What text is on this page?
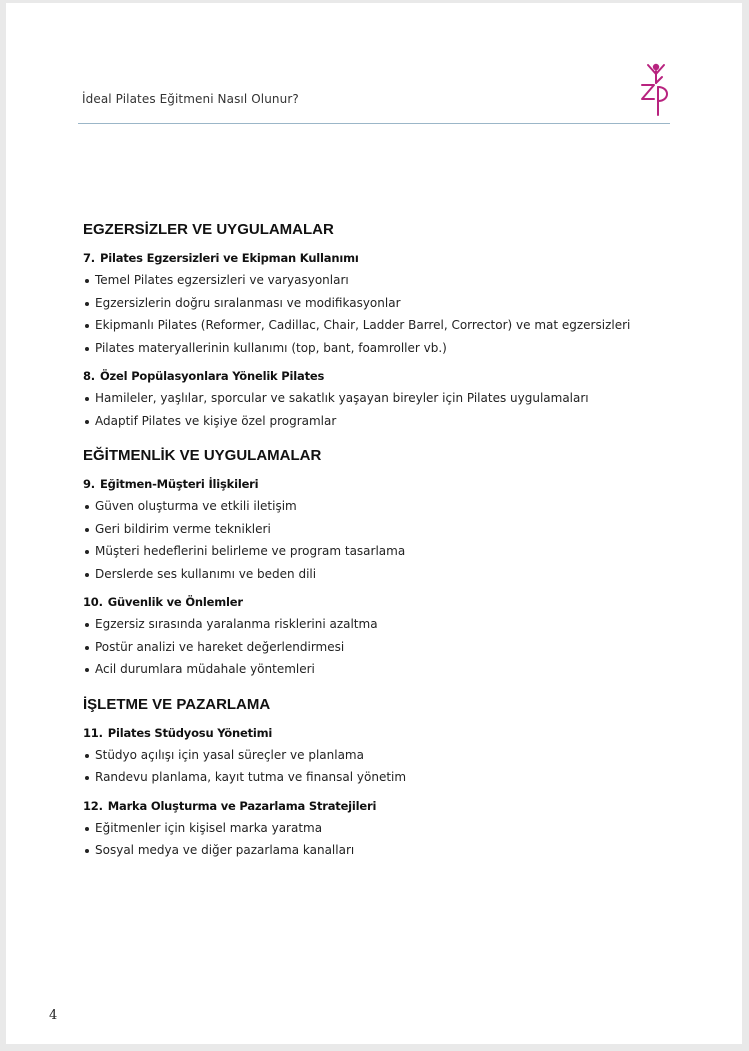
İdeal Pilates Eğitmeni Nasıl Olunur?
EGZERSİZLER VE UYGULAMALAR
7. Pilates Egzersizleri ve Ekipman Kullanımı
Temel Pilates egzersizleri ve varyasyonları
Egzersizlerin doğru sıralanması ve modifikasyonlar
Ekipmanlı Pilates (Reformer, Cadillac, Chair, Ladder Barrel, Corrector) ve mat egzersizleri
Pilates materyallerinin kullanımı (top, bant, foamroller vb.)
8. Özel Popülasyonlara Yönelik Pilates
Hamileler, yaşlılar, sporcular ve sakatlık yaşayan bireyler için Pilates uygulamaları
Adaptif Pilates ve kişiye özel programlar
EĞİTMENLİK VE UYGULAMALAR
9. Eğitmen-Müşteri İlişkileri
Güven oluşturma ve etkili iletişim
Geri bildirim verme teknikleri
Müşteri hedeflerini belirleme ve program tasarlama
Derslerde ses kullanımı ve beden dili
10. Güvenlik ve Önlemler
Egzersiz sırasında yaralanma risklerini azaltma
Postür analizi ve hareket değerlendirmesi
Acil durumlara müdahale yöntemleri
İŞLETME VE PAZARLAMA
11. Pilates Stüdyosu Yönetimi
Stüdyo açılışı için yasal süreçler ve planlama
Randevu planlama, kayıt tutma ve finansal yönetim
12. Marka Oluşturma ve Pazarlama Stratejileri
Eğitmenler için kişisel marka yaratma
Sosyal medya ve diğer pazarlama kanalları
4
